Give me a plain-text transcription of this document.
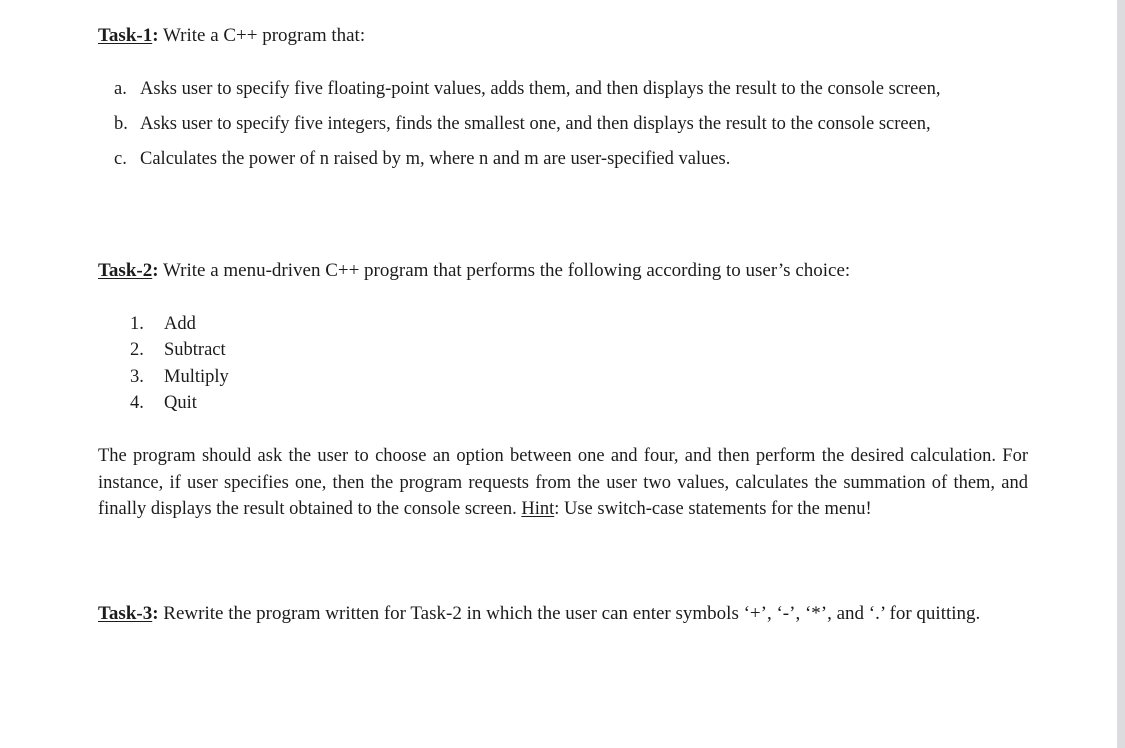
Task-1: Write a C++ program that:
a. Asks user to specify five floating-point values, adds them, and then displays the result to the console screen,
b. Asks user to specify five integers, finds the smallest one, and then displays the result to the console screen,
c. Calculates the power of n raised by m, where n and m are user-specified values.
Task-2: Write a menu-driven C++ program that performs the following according to user’s choice:
1. Add
2. Subtract
3. Multiply
4. Quit

The program should ask the user to choose an option between one and four, and then perform the desired calculation. For instance, if user specifies one, then the program requests from the user two values, calculates the summation of them, and finally displays the result obtained to the console screen. Hint: Use switch-case statements for the menu!

Task-3: Rewrite the program written for Task-2 in which the user can enter symbols ‘+’, ‘-’, ‘*’, and ‘.’ for quitting.
